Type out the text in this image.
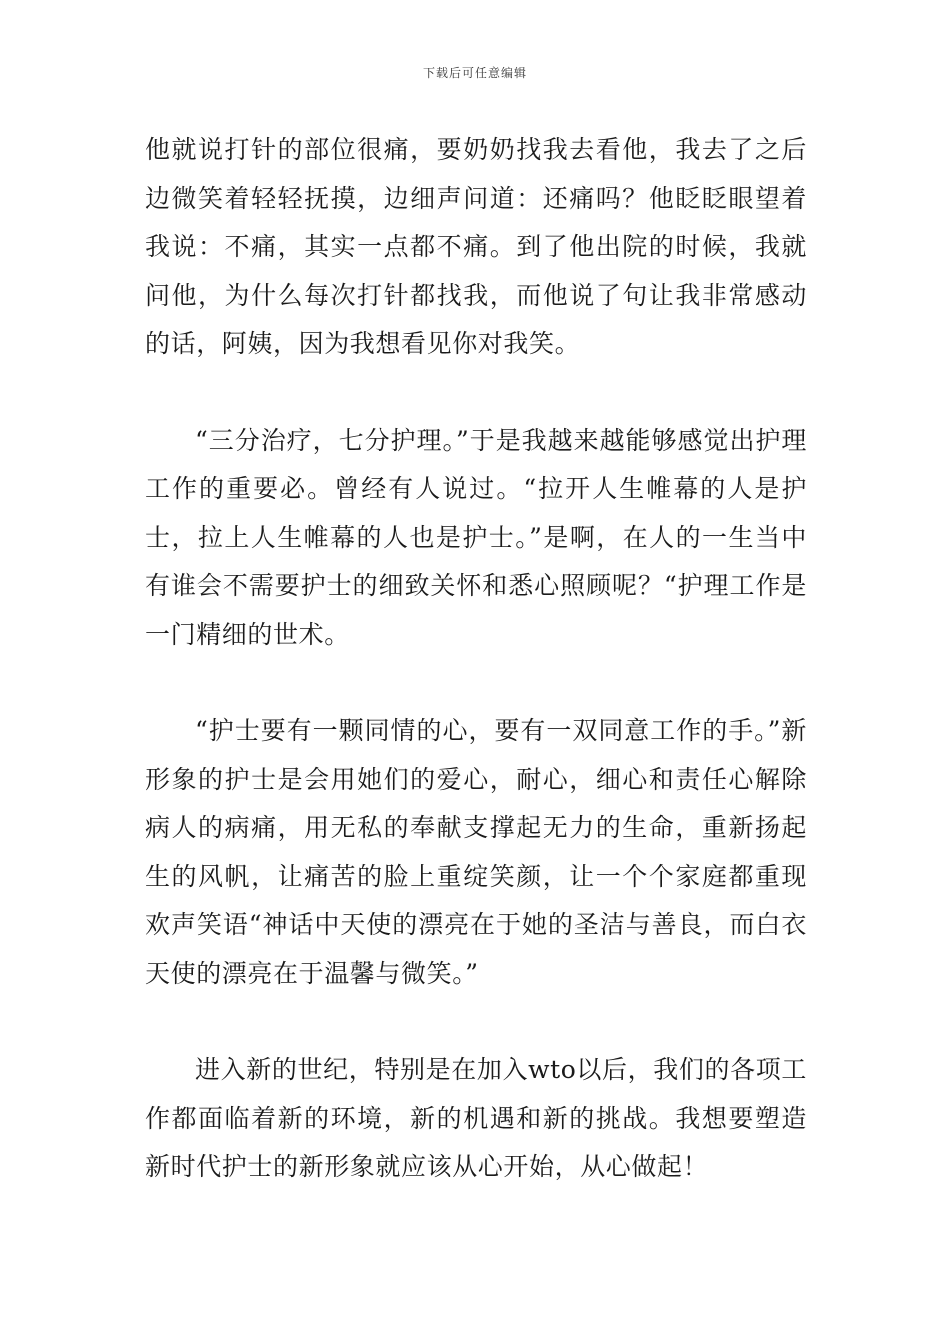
下载后可任意编辑

他就说打针的部位很痛，要奶奶找我去看他，我去了之后边微笑着轻轻抚摸，边细声问道：还痛吗？他眨眨眼望着我说：不痛，其实一点都不痛。到了他出院的时候，我就问他，为什么每次打针都找我，而他说了句让我非常感动的话，阿姨，因为我想看见你对我笑。

“三分治疗，七分护理。”于是我越来越能够感觉出护理工作的重要必。曾经有人说过。“拉开人生帷幕的人是护士，拉上人生帷幕的人也是护士。”是啊，在人的一生当中有谁会不需要护士的细致关怀和悉心照顾呢？“护理工作是一门精细的世术。

“护士要有一颗同情的心，要有一双同意工作的手。”新形象的护士是会用她们的爱心，耐心，细心和责任心解除病人的病痛，用无私的奉献支撑起无力的生命，重新扬起生的风帆，让痛苦的脸上重绽笑颜，让一个个家庭都重现欢声笑语“神话中天使的漂亮在于她的圣洁与善良，而白衣天使的漂亮在于温馨与微笑。”

进入新的世纪，特别是在加入wto以后，我们的各项工作都面临着新的环境，新的机遇和新的挑战。我想要塑造新时代护士的新形象就应该从心开始，从心做起！
